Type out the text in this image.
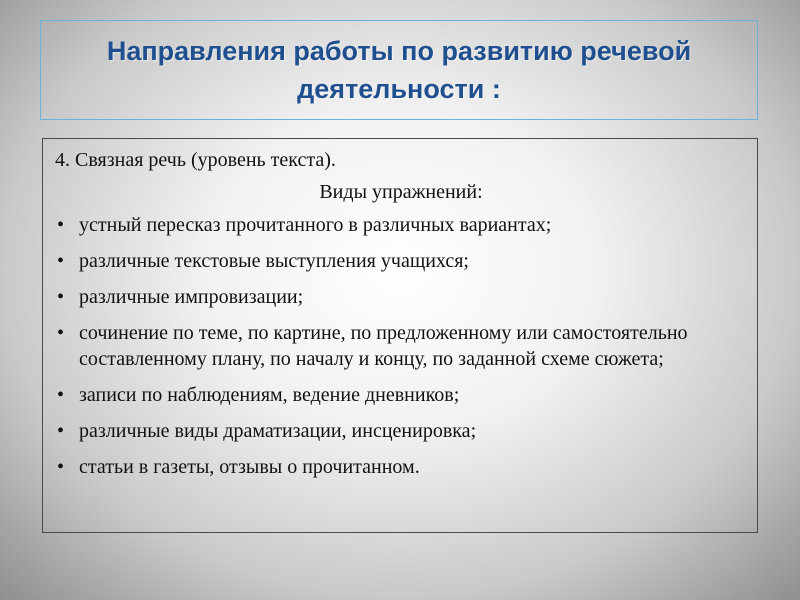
Направления работы по развитию речевой
деятельности :

4. Связная речь (уровень текста).

Виды упражнений:

• устный пересказ прочитанного в различных вариантах;
• различные текстовые выступления учащихся;
• различные импровизации;
• сочинение по теме, по картине, по предложенному или самостоятельно составленному плану, по началу и концу, по заданной схеме сюжета;
• записи по наблюдениям, ведение дневников;
• различные виды драматизации, инсценировка;
• статьи в газеты, отзывы о прочитанном.
